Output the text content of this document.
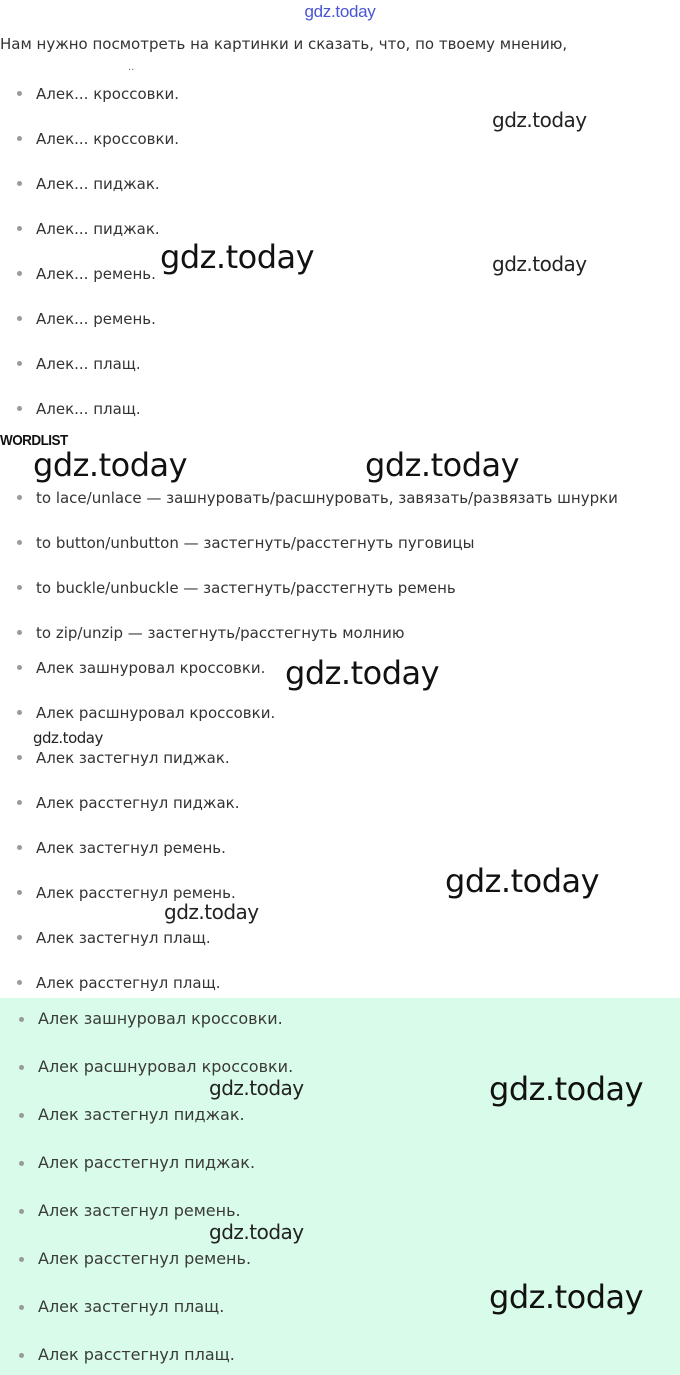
gdz.today
Нам нужно посмотреть на картинки и сказать, что, по твоему мнению,
..
Алек... кроссовки.
Алек... кроссовки.
Алек... пиджак.
Алек... пиджак.
Алек... ремень.
Алек... ремень.
Алек... плащ.
Алек... плащ.
WORDLIST
to lace/unlace — зашнуровать/расшнуровать, завязать/развязать шнурки
to button/unbutton — застегнуть/расстегнуть пуговицы
to buckle/unbuckle — застегнуть/расстегнуть ремень
to zip/unzip — застегнуть/расстегнуть молнию
Алек зашнуровал кроссовки.
Алек расшнуровал кроссовки.
Алек застегнул пиджак.
Алек расстегнул пиджак.
Алек застегнул ремень.
Алек расстегнул ремень.
Алек застегнул плащ.
Алек расстегнул плащ.
Алек зашнуровал кроссовки.
Алек расшнуровал кроссовки.
Алек застегнул пиджак.
Алек расстегнул пиджак.
Алек застегнул ремень.
Алек расстегнул ремень.
Алек застегнул плащ.
Алек расстегнул плащ.
gdz.today
gdz.today	gdz.today
gdz.today	gdz.today
gdz.today
gdz.today
gdz.today
gdz.today
gdz.today	gdz.today
gdz.today
gdz.today
